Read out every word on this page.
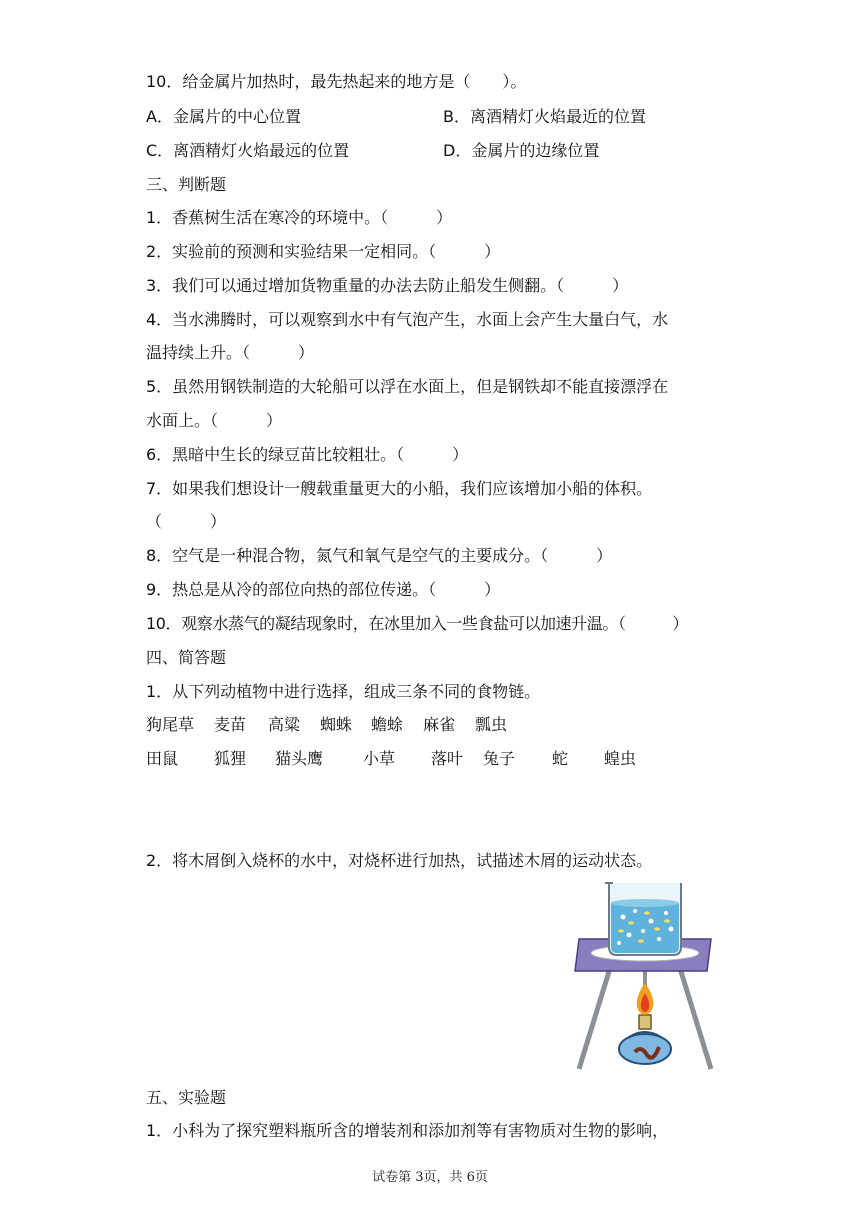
10．给金属片加热时，最先热起来的地方是（　　）。
A．金属片的中心位置	B．离酒精灯火焰最近的位置
C．离酒精灯火焰最远的位置	D．金属片的边缘位置
三、判断题
1．香蕉树生活在寒冷的环境中。（　　　）
2．实验前的预测和实验结果一定相同。（　　　）
3．我们可以通过增加货物重量的办法去防止船发生侧翻。（　　　）
4．当水沸腾时，可以观察到水中有气泡产生，水面上会产生大量白气，水
温持续上升。（　　　）
5．虽然用钢铁制造的大轮船可以浮在水面上，但是钢铁却不能直接漂浮在
水面上。（　　　）
6．黑暗中生长的绿豆苗比较粗壮。（　　　）
7．如果我们想设计一艘载重量更大的小船，我们应该增加小船的体积。
（　　　）
8．空气是一种混合物，氮气和氧气是空气的主要成分。（　　　）
9．热总是从冷的部位向热的部位传递。（　　　）
10．观察水蒸气的凝结现象时，在冰里加入一些食盐可以加速升温。（　　　）
四、简答题
1．从下列动植物中进行选择，组成三条不同的食物链。
狗尾草 麦苗 高粱 蜘蛛 蟾蜍 麻雀 瓢虫
田鼠 狐狸 猫头鹰 小草 落叶 兔子 蛇 蝗虫
2．将木屑倒入烧杯的水中，对烧杯进行加热，试描述木屑的运动状态。
五、实验题
1．小科为了探究塑料瓶所含的增装剂和添加剂等有害物质对生物的影响，
试卷第 3页，共 6页
